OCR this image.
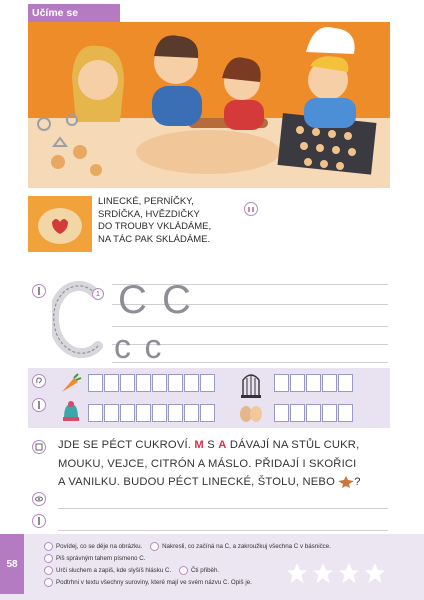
Učíme se
LINECKÉ, PERNÍČKY,
SRDÍČKA, HVĚZDIČKY
DO TROUBY VKLÁDÁME,
NA TÁC PAK SKLÁDÁME.
1 C C
c c
JDE SE PÉCT CUKROVÍ. M S A DÁVAJÍ NA STŮL CUKR,
MOUKU, VEJCE, CITRÓN A MÁSLO. PŘIDAJÍ I SKOŘICI
A VANILKU. BUDOU PÉCT LINECKÉ, ŠTOLU, NEBO ?
Povídej, co se děje na obrázku.	Nakresli, co začíná na C, a zakroužkuj všechna C v básničce.
Piš správným tahem písmeno C.
Urči sluchem a zapiš, kde slyšíš hlásku C.	Čti přiběh.
Podtrhni v textu všechny suroviny, které mají ve svém názvu C. Opiš je.
58
